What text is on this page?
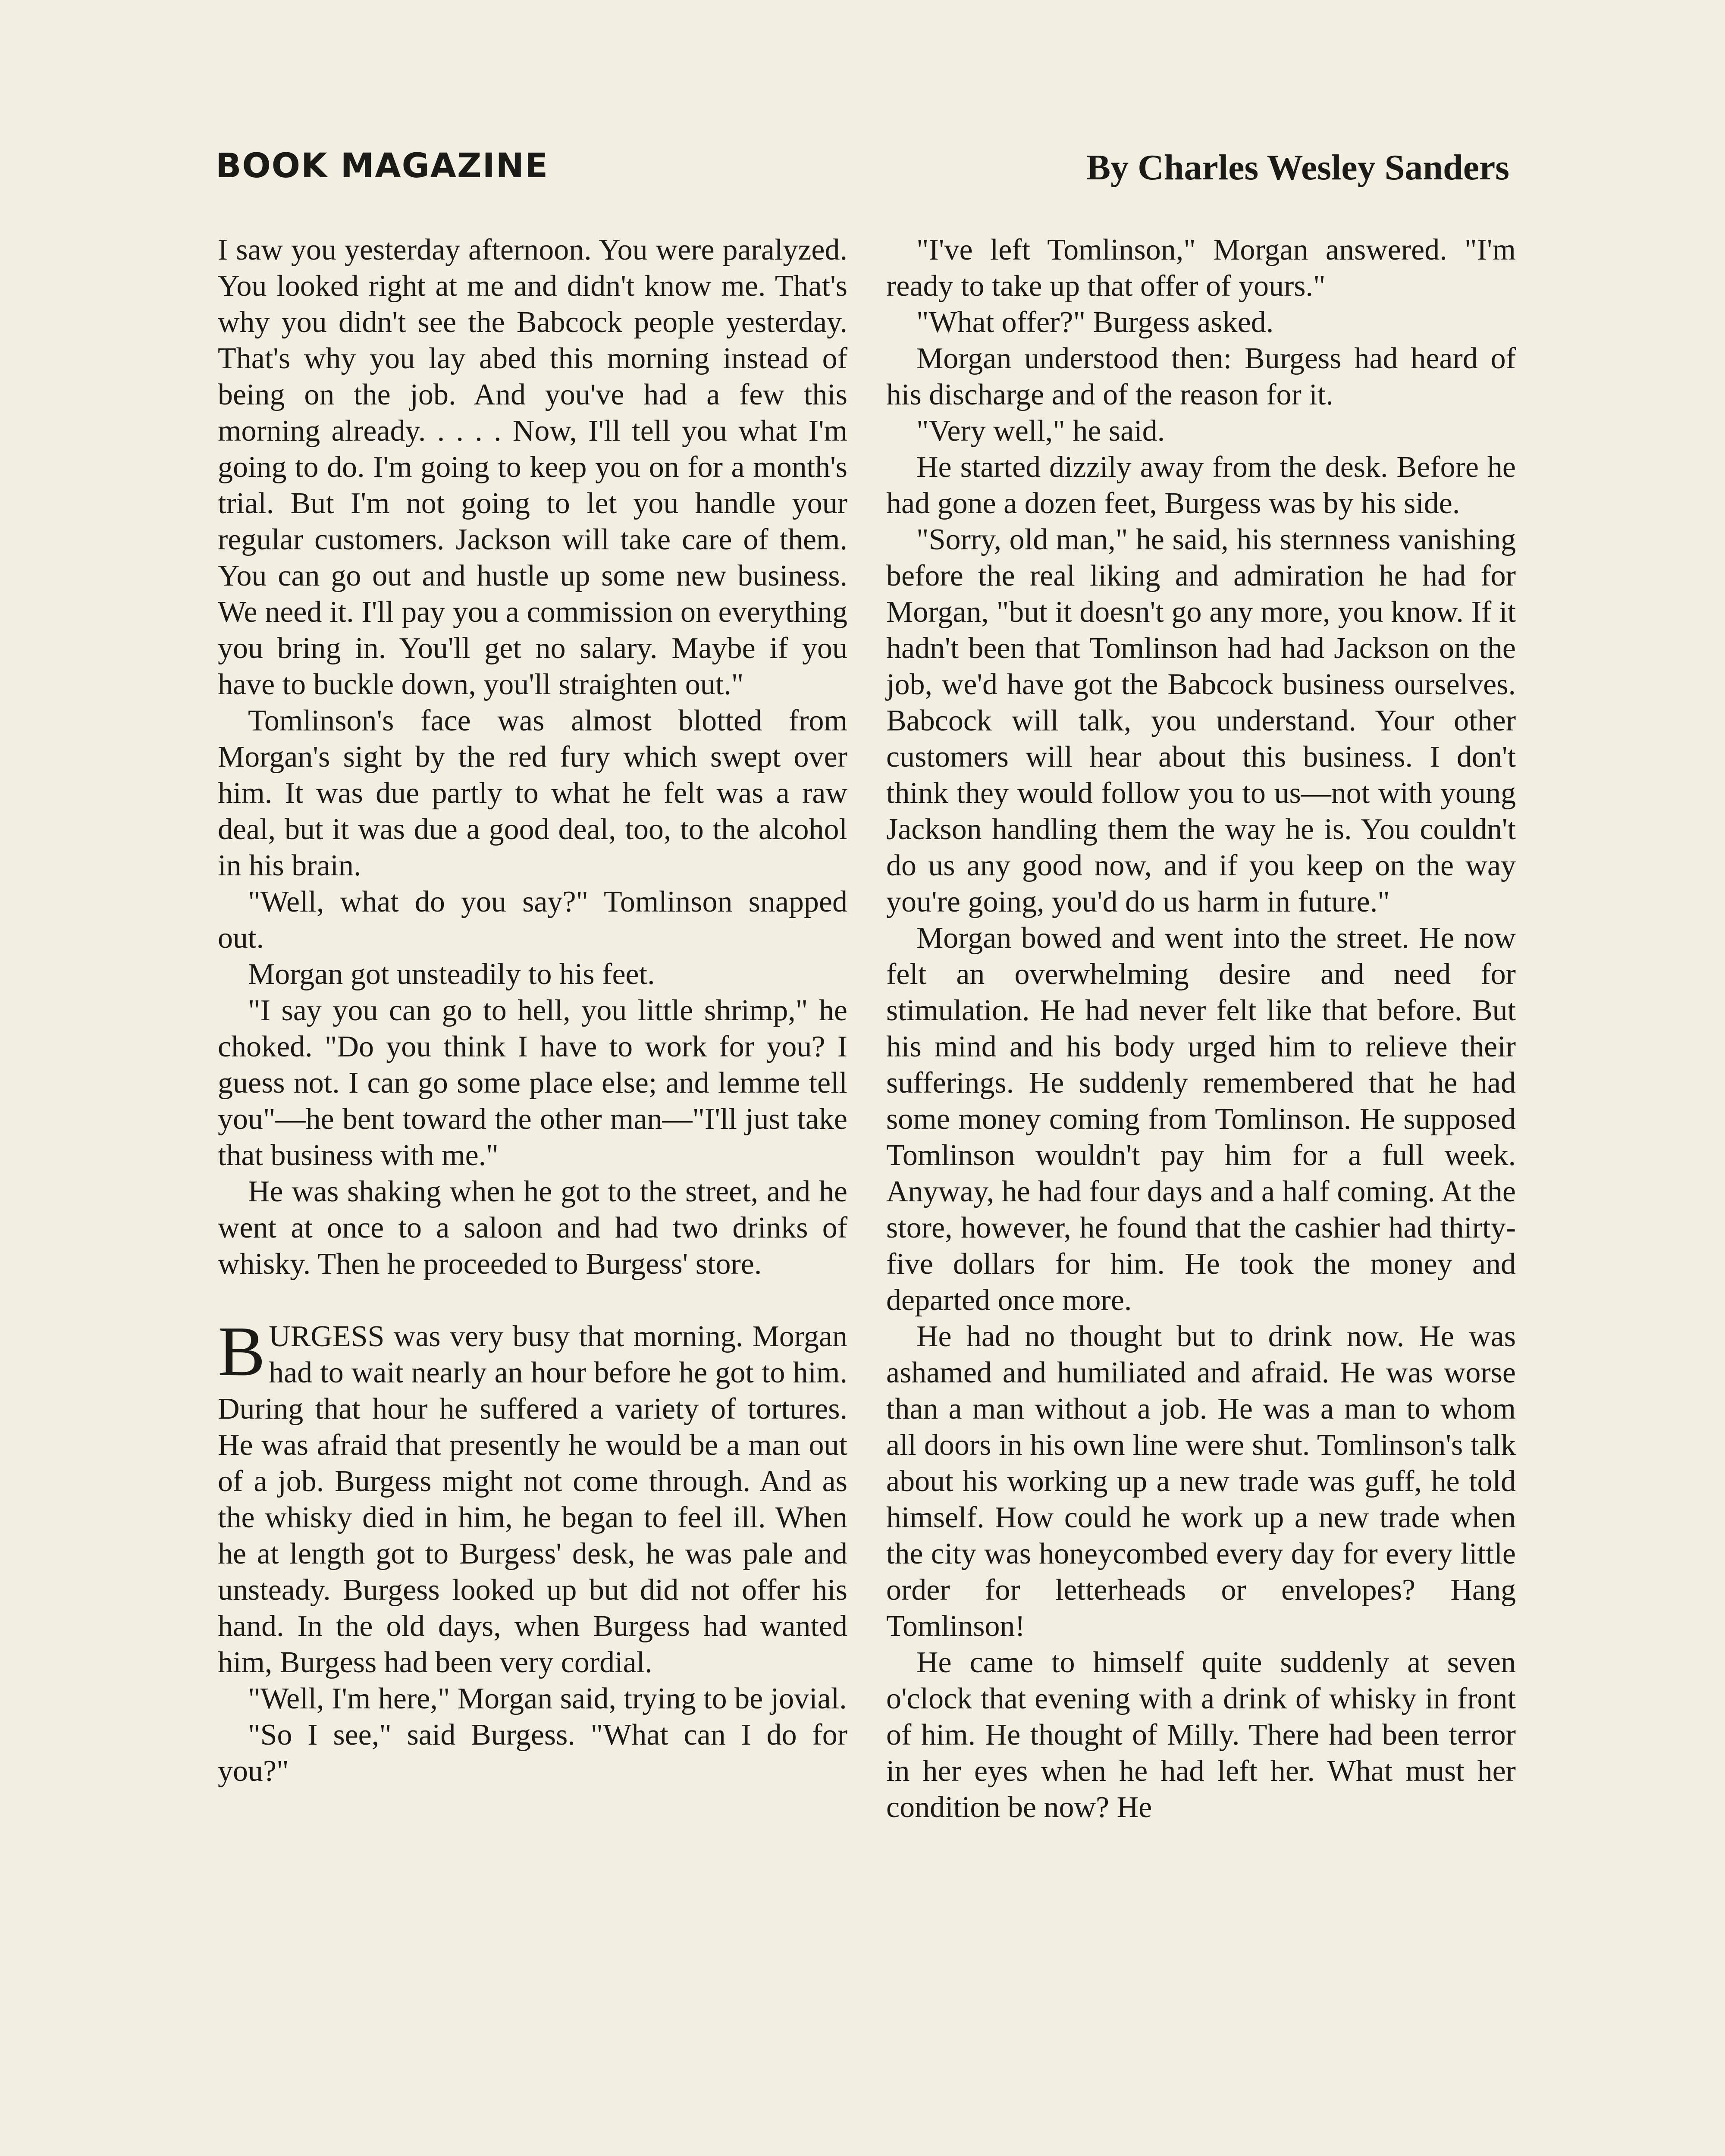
BOOK MAGAZINE	By Charles Wesley Sanders

I saw you yesterday afternoon. You were paralyzed. You looked right at me and didn't know me. That's why you didn't see the Babcock people yesterday. That's why you lay abed this morning instead of being on the job. And you've had a few this morning already. . . . . Now, I'll tell you what I'm going to do. I'm going to keep you on for a month's trial. But I'm not going to let you handle your regular customers. Jackson will take care of them. You can go out and hustle up some new business. We need it. I'll pay you a commission on everything you bring in. You'll get no salary. Maybe if you have to buckle down, you'll straighten out."

Tomlinson's face was almost blotted from Morgan's sight by the red fury which swept over him. It was due partly to what he felt was a raw deal, but it was due a good deal, too, to the alcohol in his brain.

"Well, what do you say?" Tomlinson snapped out.

Morgan got unsteadily to his feet.

"I say you can go to hell, you little shrimp," he choked. "Do you think I have to work for you? I guess not. I can go some place else; and lemme tell you"—he bent toward the other man—"I'll just take that business with me."

He was shaking when he got to the street, and he went at once to a saloon and had two drinks of whisky. Then he proceeded to Burgess' store.

BURGESS was very busy that morning. Morgan had to wait nearly an hour before he got to him. During that hour he suffered a variety of tortures. He was afraid that presently he would be a man out of a job. Burgess might not come through. And as the whisky died in him, he began to feel ill. When he at length got to Burgess' desk, he was pale and unsteady. Burgess looked up but did not offer his hand. In the old days, when Burgess had wanted him, Burgess had been very cordial.

"Well, I'm here," Morgan said, trying to be jovial.

"So I see," said Burgess. "What can I do for you?"

"I've left Tomlinson," Morgan answered. "I'm ready to take up that offer of yours."

"What offer?" Burgess asked.

Morgan understood then: Burgess had heard of his discharge and of the reason for it.

"Very well," he said.

He started dizzily away from the desk. Before he had gone a dozen feet, Burgess was by his side.

"Sorry, old man," he said, his sternness vanishing before the real liking and admiration he had for Morgan, "but it doesn't go any more, you know. If it hadn't been that Tomlinson had had Jackson on the job, we'd have got the Babcock business ourselves. Babcock will talk, you understand. Your other customers will hear about this business. I don't think they would follow you to us—not with young Jackson handling them the way he is. You couldn't do us any good now, and if you keep on the way you're going, you'd do us harm in future."

Morgan bowed and went into the street. He now felt an overwhelming desire and need for stimulation. He had never felt like that before. But his mind and his body urged him to relieve their sufferings. He suddenly remembered that he had some money coming from Tomlinson. He supposed Tomlinson wouldn't pay him for a full week. Anyway, he had four days and a half coming. At the store, however, he found that the cashier had thirty-five dollars for him. He took the money and departed once more.

He had no thought but to drink now. He was ashamed and humiliated and afraid. He was worse than a man without a job. He was a man to whom all doors in his own line were shut. Tomlinson's talk about his working up a new trade was guff, he told himself. How could he work up a new trade when the city was honeycombed every day for every little order for letterheads or envelopes? Hang Tomlinson!

He came to himself quite suddenly at seven o'clock that evening with a drink of whisky in front of him. He thought of Milly. There had been terror in her eyes when he had left her. What must her condition be now? He
